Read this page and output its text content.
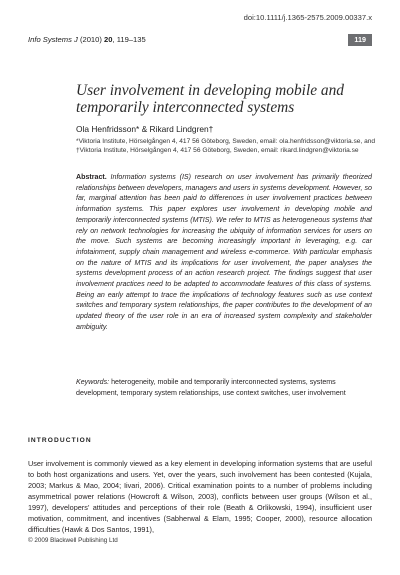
doi:10.1111/j.1365-2575.2009.00337.x
Info Systems J (2010) 20, 119–135	119
User involvement in developing mobile and temporarily interconnected systems
Ola Henfridsson* & Rikard Lindgren†
*Viktoria Institute, Hörselgången 4, 417 56 Göteborg, Sweden, email: ola.henfridsson@viktoria.se, and †Viktoria Institute, Hörselgången 4, 417 56 Göteborg, Sweden, email: rikard.lindgren@viktoria.se
Abstract. Information systems (IS) research on user involvement has primarily theorized relationships between developers, managers and users in systems development. However, so far, marginal attention has been paid to differences in user involvement practices between information systems. This paper explores user involvement in developing mobile and temporarily interconnected systems (MTIS). We refer to MTIS as heterogeneous systems that rely on network technologies for increasing the ubiquity of information services for users on the move. Such systems are becoming increasingly important in leveraging, e.g. car infotainment, supply chain management and wireless e-commerce. With particular emphasis on the nature of MTIS and its implications for user involvement, the paper analyses the systems development process of an action research project. The findings suggest that user involvement practices need to be adapted to accommodate features of this class of systems. Being an early attempt to trace the implications of technology features such as use context switches and temporary system relationships, the paper contributes to the development of an updated theory of the user role in an era of increased system complexity and stakeholder ambiguity.
Keywords: heterogeneity, mobile and temporarily interconnected systems, systems development, temporary system relationships, use context switches, user involvement
INTRODUCTION
User involvement is commonly viewed as a key element in developing information systems that are useful to both host organizations and users. Yet, over the years, such involvement has been contested (Kujala, 2003; Markus & Mao, 2004; Iivari, 2006). Critical examination points to a number of problems including asymmetrical power relations (Howcroft & Wilson, 2003), conflicts between user groups (Wilson et al., 1997), developers’ attitudes and perceptions of their role (Beath & Orlikowski, 1994), insufficient user motivation, commitment, and incentives (Sabherwal & Elam, 1995; Cooper, 2000), resource allocation difficulties (Hawk & Dos Santos, 1991),
© 2009 Blackwell Publishing Ltd
